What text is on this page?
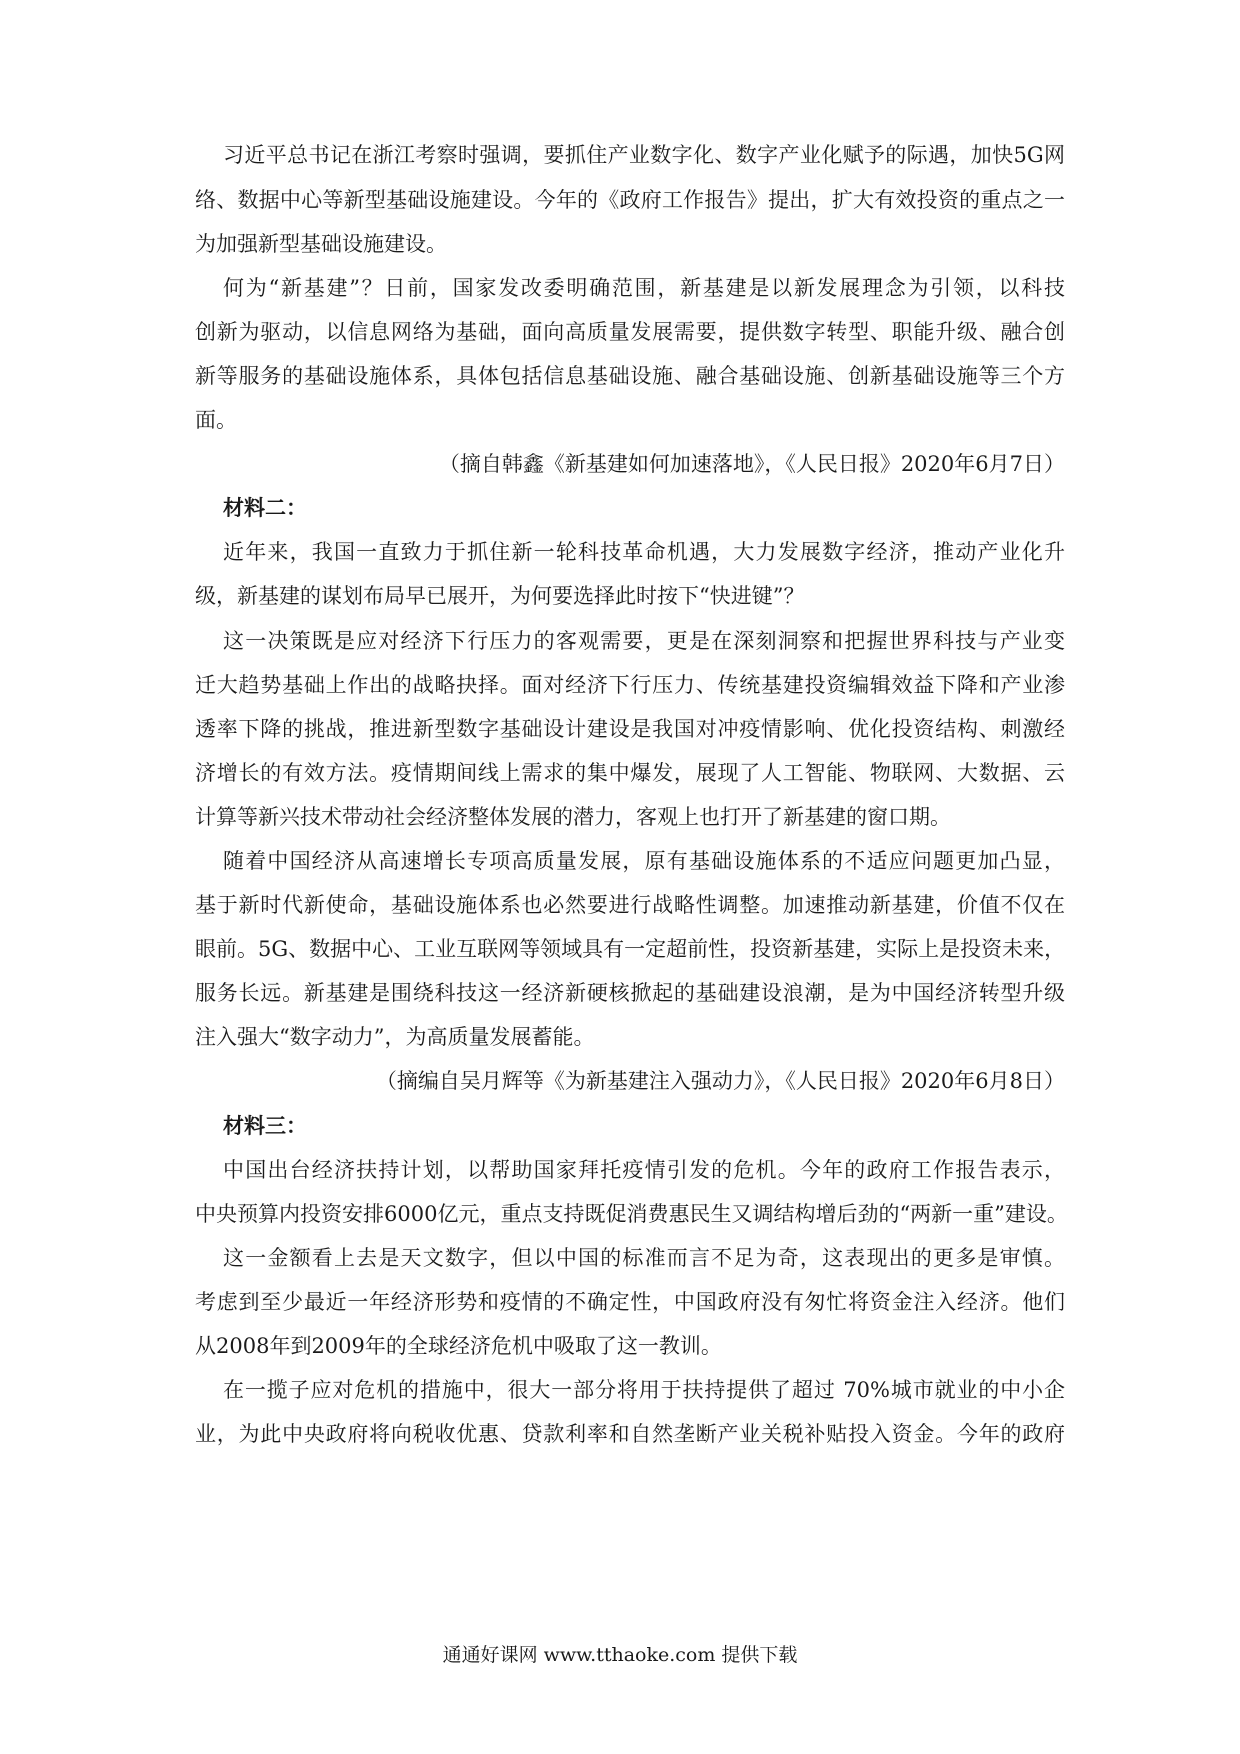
习近平总书记在浙江考察时强调，要抓住产业数字化、数字产业化赋予的际遇，加快5G网
络、数据中心等新型基础设施建设。今年的《政府工作报告》提出，扩大有效投资的重点之一
为加强新型基础设施建设。
何为“新基建”？日前，国家发改委明确范围，新基建是以新发展理念为引领，以科技
创新为驱动，以信息网络为基础，面向高质量发展需要，提供数字转型、职能升级、融合创
新等服务的基础设施体系，具体包括信息基础设施、融合基础设施、创新基础设施等三个方
面。
（摘自韩鑫《新基建如何加速落地》，《人民日报》2020年6月7日）
材料二：
近年来，我国一直致力于抓住新一轮科技革命机遇，大力发展数字经济，推动产业化升
级，新基建的谋划布局早已展开，为何要选择此时按下“快进键”？
这一决策既是应对经济下行压力的客观需要，更是在深刻洞察和把握世界科技与产业变
迁大趋势基础上作出的战略抉择。面对经济下行压力、传统基建投资编辑效益下降和产业渗
透率下降的挑战，推进新型数字基础设计建设是我国对冲疫情影响、优化投资结构、刺激经
济增长的有效方法。疫情期间线上需求的集中爆发，展现了人工智能、物联网、大数据、云
计算等新兴技术带动社会经济整体发展的潜力，客观上也打开了新基建的窗口期。
随着中国经济从高速增长专项高质量发展，原有基础设施体系的不适应问题更加凸显，
基于新时代新使命，基础设施体系也必然要进行战略性调整。加速推动新基建，价值不仅在
眼前。5G、数据中心、工业互联网等领域具有一定超前性，投资新基建，实际上是投资未来，
服务长远。新基建是围绕科技这一经济新硬核掀起的基础建设浪潮，是为中国经济转型升级
注入强大“数字动力”，为高质量发展蓄能。
（摘编自吴月辉等《为新基建注入强动力》，《人民日报》2020年6月8日）
材料三：
中国出台经济扶持计划，以帮助国家拜托疫情引发的危机。今年的政府工作报告表示，
中央预算内投资安排6000亿元，重点支持既促消费惠民生又调结构增后劲的“两新一重”建设。
这一金额看上去是天文数字，但以中国的标准而言不足为奇，这表现出的更多是审慎。
考虑到至少最近一年经济形势和疫情的不确定性，中国政府没有匆忙将资金注入经济。他们
从2008年到2009年的全球经济危机中吸取了这一教训。
在一揽子应对危机的措施中，很大一部分将用于扶持提供了超过 70%城市就业的中小企
业，为此中央政府将向税收优惠、贷款利率和自然垄断产业关税补贴投入资金。今年的政府
通通好课网 www.tthaoke.com 提供下载
